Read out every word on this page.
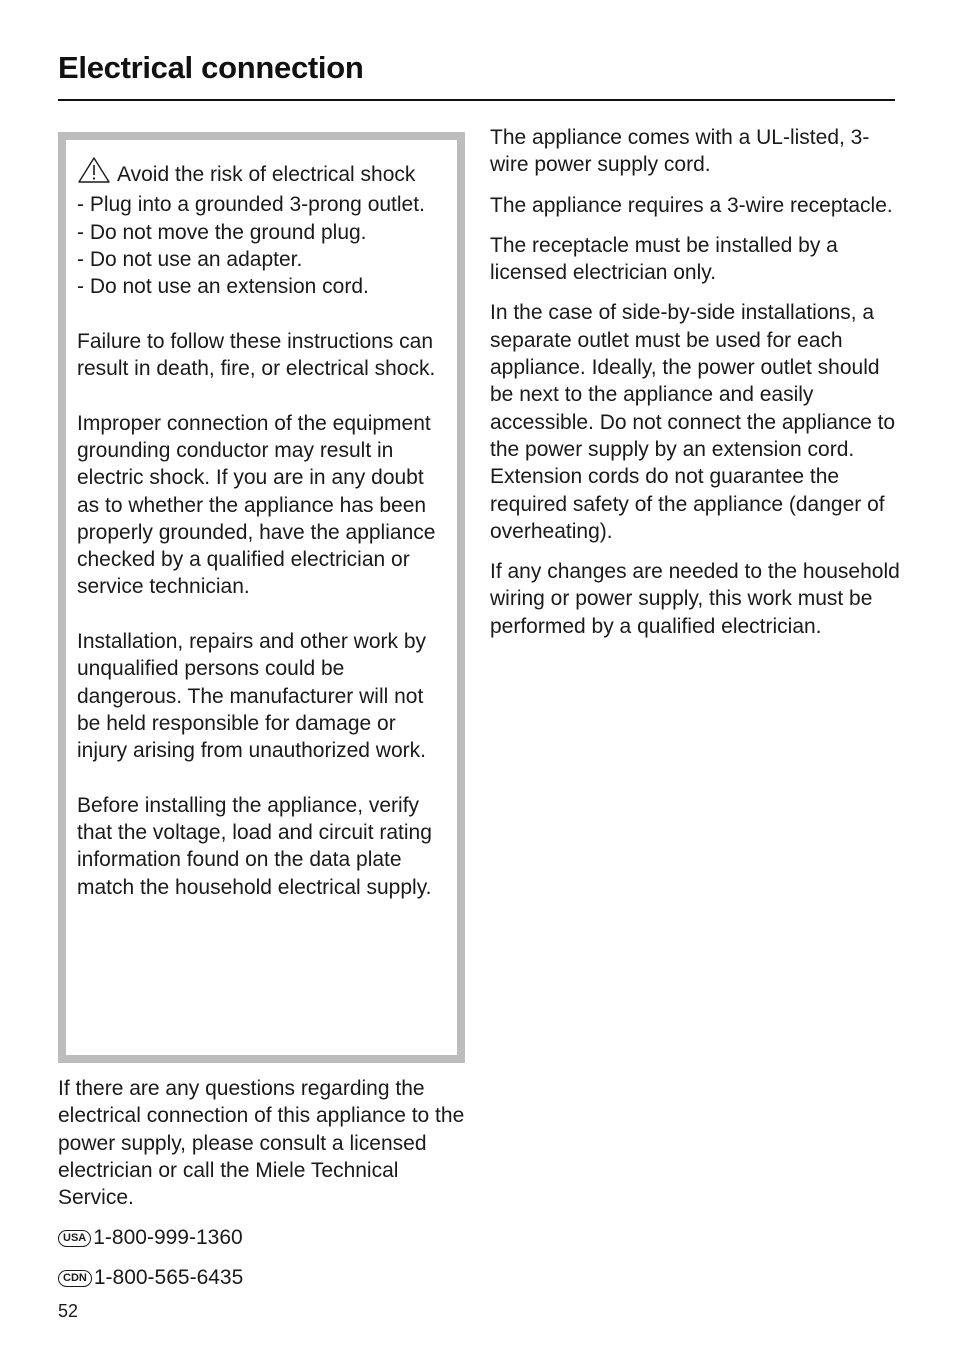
Electrical connection
Avoid the risk of electrical shock
- Plug into a grounded 3-prong outlet.
- Do not move the ground plug.
- Do not use an adapter.
- Do not use an extension cord.
Failure to follow these instructions can result in death, fire, or electrical shock.
Improper connection of the equipment grounding conductor may result in electric shock. If you are in any doubt as to whether the appliance has been properly grounded, have the appliance checked by a qualified electrician or service technician.
Installation, repairs and other work by unqualified persons could be dangerous. The manufacturer will not be held responsible for damage or injury arising from unauthorized work.
Before installing the appliance, verify that the voltage, load and circuit rating information found on the data plate match the household electrical supply.
If there are any questions regarding the electrical connection of this appliance to the power supply, please consult a licensed electrician or call the Miele Technical Service.
USA 1-800-999-1360
CDN 1-800-565-6435

The appliance comes with a UL-listed, 3-wire power supply cord.

The appliance requires a 3-wire receptacle.

The receptacle must be installed by a licensed electrician only.

In the case of side-by-side installations, a separate outlet must be used for each appliance. Ideally, the power outlet should be next to the appliance and easily accessible. Do not connect the appliance to the power supply by an extension cord. Extension cords do not guarantee the required safety of the appliance (danger of overheating).

If any changes are needed to the household wiring or power supply, this work must be performed by a qualified electrician.

52
